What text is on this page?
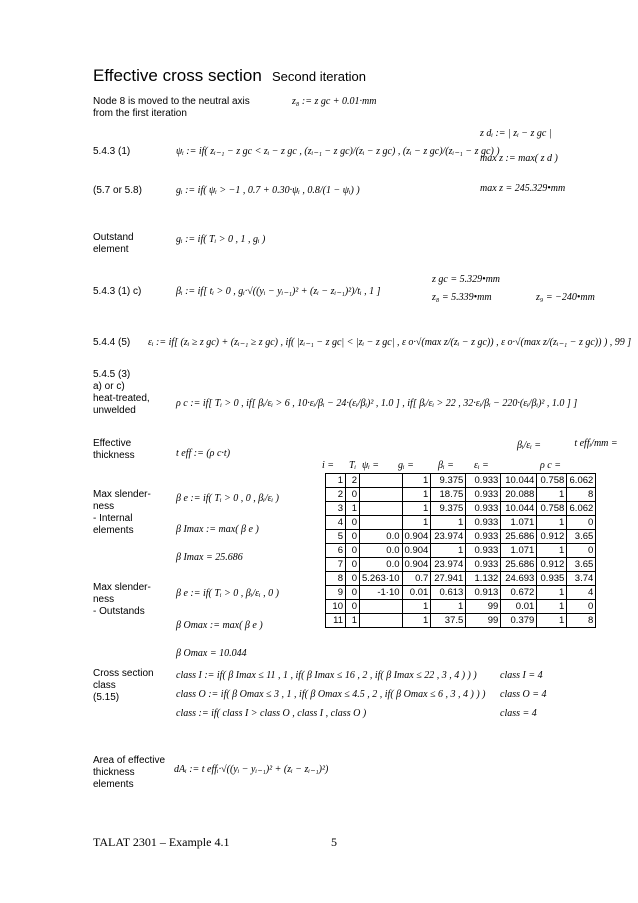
Effective cross section Second iteration
Node 8 is moved to the neutral axis
from the first iteration
z₈ := z gc + 0.01·mm
5.4.3 (1)	ψᵢ := if( zᵢ₋₁ − z gc < zᵢ − z gc , (zᵢ₋₁ − z gc)/(zᵢ − z gc) , (zᵢ − z gc)/(zᵢ₋₁ − z gc) )
z dᵢ := | zᵢ − z gc |
max z := max( z d )
(5.7 or 5.8)	gᵢ := if( ψᵢ > −1 , 0.7 + 0.30·ψᵢ , 0.8/(1 − ψᵢ) )	max z = 245.329•mm
Outstand
element
gᵢ := if( Tᵢ > 0 , 1 , gᵢ )
5.4.3 (1) c)	βᵢ := if[ tᵢ > 0 , gᵢ·√((yᵢ − yᵢ₋₁)² + (zᵢ − zᵢ₋₁)²)/tᵢ , 1 ]
z gc = 5.329•mm
z₈ = 5.339•mm	z₉ = −240•mm
5.4.4 (5) εᵢ := if[ (zᵢ ≥ z gc) + (zᵢ₋₁ ≥ z gc) , if( |zᵢ₋₁ − z gc| < |zᵢ − z gc| , ε o·√(max z/(zᵢ − z gc)) , ε o·√(max z/(zᵢ₋₁ − z gc)) ) , 99 ]
5.4.5 (3)
a) or c)
heat-treated,
unwelded
ρ c := if[ Tᵢ > 0 , if[ βᵢ/εᵢ > 6 , 10·εᵢ/βᵢ − 24·(εᵢ/βᵢ)² , 1.0 ] , if[ βᵢ/εᵢ > 22 , 32·εᵢ/βᵢ − 220·(εᵢ/βᵢ)² , 1.0 ] ]
Effective
thickness	t eff := (ρ c·t)
i = Tᵢ ψᵢ = gᵢ = βᵢ = εᵢ =
βᵢ/εᵢ =
ρ c =
t effᵢ/mm =
1	2		1	9.375	0.933	10.044	0.758	6.062
2	0		1	18.75	0.933	20.088	1	8
3	1		1	9.375	0.933	10.044	0.758	6.062
4	0		1	1	0.933	1.071	1	0
5	0	0.0	0.904	23.974	0.933	25.686	0.912	3.65
6	0	0.0	0.904	1	0.933	1.071	1	0
7	0	0.0	0.904	23.974	0.933	25.686	0.912	3.65
8	0	5.263·10	0.7	27.941	1.132	24.693	0.935	3.74
9	0	-1·10	0.01	0.613	0.913	0.672	1	4
10	0		1	1	99	0.01	1	0
11	1		1	37.5	99	0.379	1	8
Max slender-
ness
- Internal
elements
β e := if( Tᵢ > 0 , 0 , βᵢ/εᵢ )
β Imax := max( β e )
β Imax = 25.686
Max slender-
ness
- Outstands
β e := if( Tᵢ > 0 , βᵢ/εᵢ , 0 )
β Omax := max( β e )
β Omax = 10.044
Cross section
class
(5.15)
class I := if( β Imax ≤ 11 , 1 , if( β Imax ≤ 16 , 2 , if( β Imax ≤ 22 , 3 , 4 ) ) ) class I = 4
class O := if( β Omax ≤ 3 , 1 , if( β Omax ≤ 4.5 , 2 , if( β Omax ≤ 6 , 3 , 4 ) ) ) class O = 4
class := if( class I > class O , class I , class O )	class = 4
Area of effective
thickness
elements
dAᵢ := t effᵢ·√((yᵢ − yᵢ₋₁)² + (zᵢ − zᵢ₋₁)²)
TALAT 2301 – Example 4.1	5
